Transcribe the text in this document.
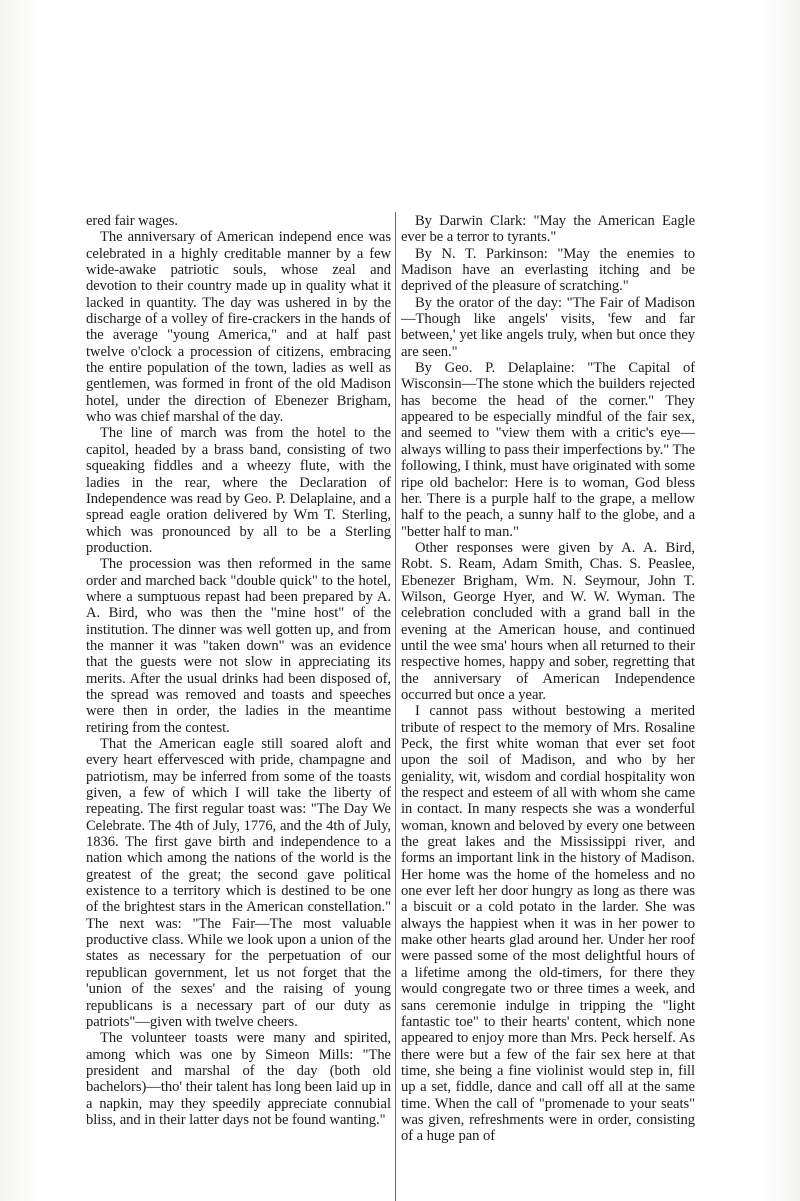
ered fair wages.

The anniversary of American independ ence was celebrated in a highly creditable manner by a few wide-awake patriotic souls, whose zeal and devotion to their country made up in quality what it lacked in quantity. The day was ushered in by the discharge of a volley of fire-crackers in the hands of the average "young America," and at half past twelve o'clock a procession of citizens, embracing the entire population of the town, ladies as well as gentlemen, was formed in front of the old Madison hotel, under the direction of Ebenezer Brigham, who was chief marshal of the day.

The line of march was from the hotel to the capitol, headed by a brass band, consisting of two squeaking fiddles and a wheezy flute, with the ladies in the rear, where the Declaration of Independence was read by Geo. P. Delaplaine, and a spread eagle oration delivered by Wm T. Sterling, which was pronounced by all to be a Sterling production.

The procession was then reformed in the same order and marched back "double quick" to the hotel, where a sumptuous repast had been prepared by A. A. Bird, who was then the "mine host" of the institution. The dinner was well gotten up, and from the manner it was "taken down" was an evidence that the guests were not slow in appreciating its merits. After the usual drinks had been disposed of, the spread was removed and toasts and speeches were then in order, the ladies in the meantime retiring from the contest.

That the American eagle still soared aloft and every heart effervesced with pride, champagne and patriotism, may be inferred from some of the toasts given, a few of which I will take the liberty of repeating. The first regular toast was: "The Day We Celebrate. The 4th of July, 1776, and the 4th of July, 1836. The first gave birth and independence to a nation which among the nations of the world is the greatest of the great; the second gave political existence to a territory which is destined to be one of the brightest stars in the American constellation." The next was: "The Fair—The most valuable productive class. While we look upon a union of the states as necessary for the perpetuation of our republican government, let us not forget that the 'union of the sexes' and the raising of young republicans is a necessary part of our duty as patriots"—given with twelve cheers.

The volunteer toasts were many and spirited, among which was one by Simeon Mills: "The president and marshal of the day (both old bachelors)—tho' their talent has long been laid up in a napkin, may they speedily appreciate connubial bliss, and in their latter days not be found wanting."

By Darwin Clark: "May the American Eagle ever be a terror to tyrants."

By N. T. Parkinson: "May the enemies to Madison have an everlasting itching and be deprived of the pleasure of scratching."

By the orator of the day: "The Fair of Madison—Though like angels' visits, 'few and far between,' yet like angels truly, when but once they are seen."

By Geo. P. Delaplaine: "The Capital of Wisconsin—The stone which the builders rejected has become the head of the corner." They appeared to be especially mindful of the fair sex, and seemed to "view them with a critic's eye—always willing to pass their imperfections by." The following, I think, must have originated with some ripe old bachelor: Here is to woman, God bless her. There is a purple half to the grape, a mellow half to the peach, a sunny half to the globe, and a "better half to man."

Other responses were given by A. A. Bird, Robt. S. Ream, Adam Smith, Chas. S. Peaslee, Ebenezer Brigham, Wm. N. Seymour, John T. Wilson, George Hyer, and W. W. Wyman. The celebration concluded with a grand ball in the evening at the American house, and continued until the wee sma' hours when all returned to their respective homes, happy and sober, regretting that the anniversary of American Independence occurred but once a year.

I cannot pass without bestowing a merited tribute of respect to the memory of Mrs. Rosaline Peck, the first white woman that ever set foot upon the soil of Madison, and who by her geniality, wit, wisdom and cordial hospitality won the respect and esteem of all with whom she came in contact. In many respects she was a wonderful woman, known and beloved by every one between the great lakes and the Mississippi river, and forms an important link in the history of Madison. Her home was the home of the homeless and no one ever left her door hungry as long as there was a biscuit or a cold potato in the larder. She was always the happiest when it was in her power to make other hearts glad around her. Under her roof were passed some of the most delightful hours of a lifetime among the old-timers, for there they would congregate two or three times a week, and sans ceremonie indulge in tripping the "light fantastic toe" to their hearts' content, which none appeared to enjoy more than Mrs. Peck herself. As there were but a few of the fair sex here at that time, she being a fine violinist would step in, fill up a set, fiddle, dance and call off all at the same time. When the call of "promenade to your seats" was given, refreshments were in order, consisting of a huge pan of
